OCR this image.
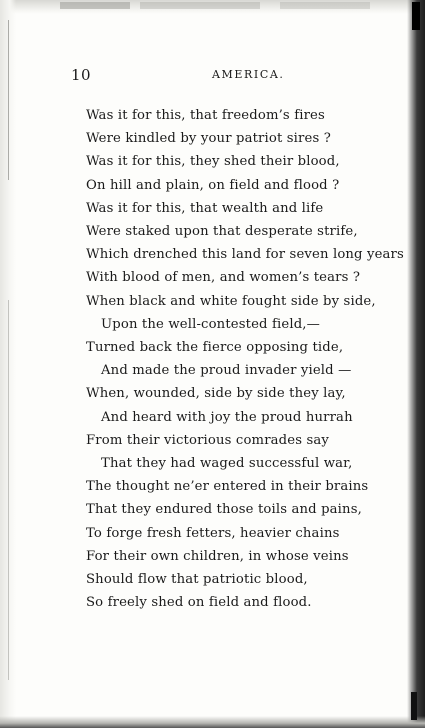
10	AMERICA.
Was it for this, that freedom’s fires
Were kindled by your patriot sires ?
Was it for this, they shed their blood,
On hill and plain, on field and flood ?
Was it for this, that wealth and life
Were staked upon that desperate strife,
Which drenched this land for seven long years
With blood of men, and women’s tears ?
When black and white fought side by side,
Upon the well-contested field,—
Turned back the fierce opposing tide,
And made the proud invader yield —
When, wounded, side by side they lay,
And heard with joy the proud hurrah
From their victorious comrades say
That they had waged successful war,
The thought ne’er entered in their brains
That they endured those toils and pains,
To forge fresh fetters, heavier chains
For their own children, in whose veins
Should flow that patriotic blood,
So freely shed on field and flood.
